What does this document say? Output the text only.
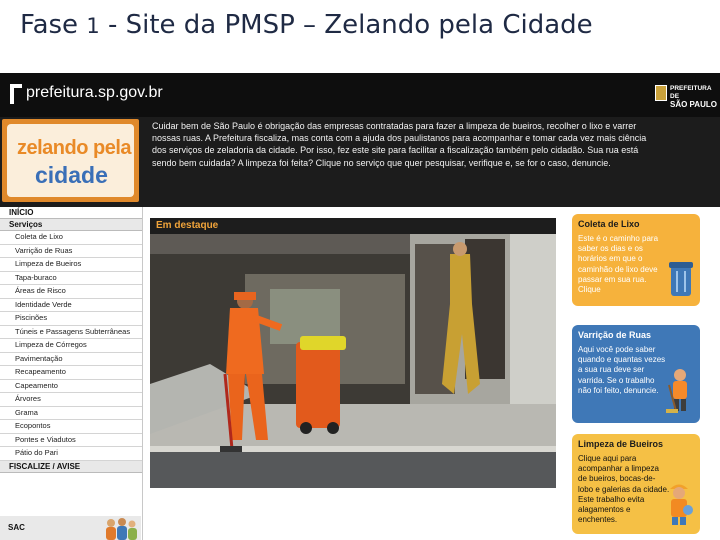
Fase 1 - Site da PMSP – Zelando pela Cidade
prefeitura.sp.gov.br	PREFEITURA DE
SÃO PAULO
zelando pela
cidade
Cuidar bem de São Paulo é obrigação das empresas contratadas para fazer a limpeza de bueiros, recolher o lixo e varrer nossas ruas. A Prefeitura fiscaliza, mas conta com a ajuda dos paulistanos para acompanhar e tomar cada vez mais ciência dos serviços de zeladoria da cidade. Por isso, fez este site para facilitar a fiscalização também pelo cidadão. Sua rua está sendo bem cuidada? A limpeza foi feita? Clique no serviço que quer pesquisar, verifique e, se for o caso, denuncie.
INÍCIO
Serviços
Coleta de Lixo
Varrição de Ruas
Limpeza de Bueiros
Tapa-buraco
Áreas de Risco
Identidade Verde
Piscinões
Túneis e Passagens Subterrâneas
Limpeza de Córregos
Pavimentação
Recapeamento
Capeamento
Árvores
Grama
Ecopontos
Pontes e Viadutos
Pátio do Pari
FISCALIZE / AVISE
SAC
Em destaque	Coleta de Lixo
Este é o caminho para saber os dias e os horários em que o caminhão de lixo deve passar em sua rua. Clique
Varrição de Ruas
Aqui você pode saber quando e quantas vezes a sua rua deve ser varrida. Se o trabalho não foi feito, denuncie.
Limpeza de Bueiros
Clique aqui para acompanhar a limpeza de bueiros, bocas-de-lobo e galerias da cidade. Este trabalho evita alagamentos e enchentes.
